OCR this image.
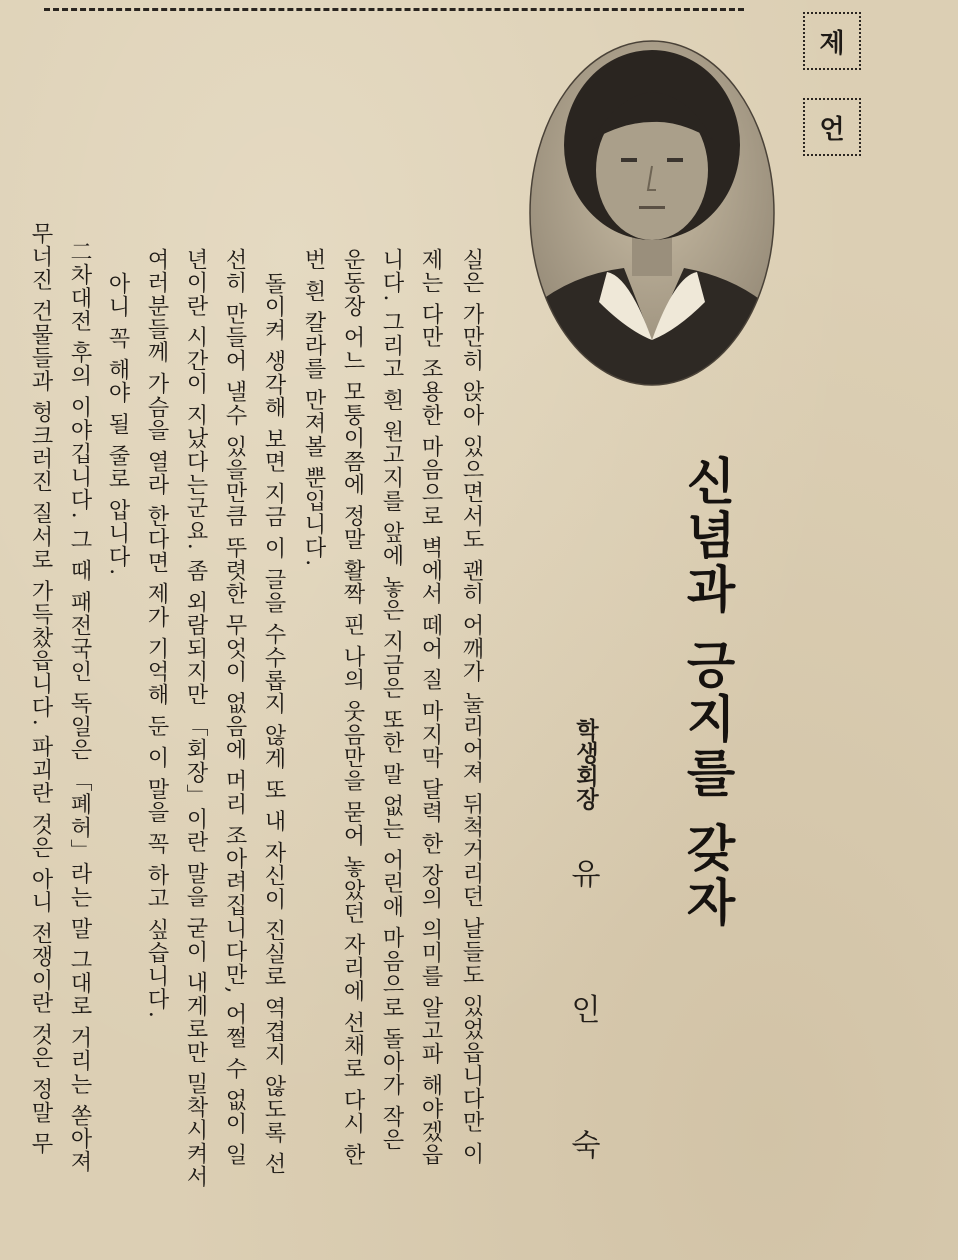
제
언
신념과 긍지를 갖자
학생회장
유 인 숙
실은 가만히 앉아 있으면서도 괜히 어깨가 눌리어져 뒤척거리던 날들도 있었읍니다만 이
제는 다만 조용한 마음으로 벽에서 떼어 질 마지막 달력 한 장의 의미를 알고파 해야겠읍
니다. 그리고 흰 원고지를 앞에 놓은 지금은 또한 말 없는 어린애 마음으로 돌아가 작은
운동장 어느 모퉁이쯤에 정말 활짝 핀 나의 웃음만을 묻어 놓았던 자리에 선채로 다시 한
번 흰 칼라를 만져볼 뿐입니다.
돌이켜 생각해 보면 지금 이 글을 수수롭지 않게 또 내 자신이 진실로 역겹지 않도록 선
선히 만들어 낼수 있을만큼 뚜렷한 무엇이 없음에 머리 조아려집니다만, 어쩔 수 없이 일
년이란 시간이 지났다는군요. 좀 외람되지만 「회장」이란 말을 굳이 내게로만 밀착시켜서
여러분들께 가슴을 열라 한다면 제가 기억해 둔 이 말을 꼭 하고 싶습니다.
아니 꼭 해야 될 줄로 압니다.
二차대전 후의 이야깁니다. 그 때 패전국인 독일은 「폐허」라는 말 그대로 거리는 쏟아져
무너진 건물들과 헝크러진 질서로 가득찼읍니다. 파괴란 것은 아니 전쟁이란 것은 정말 무
